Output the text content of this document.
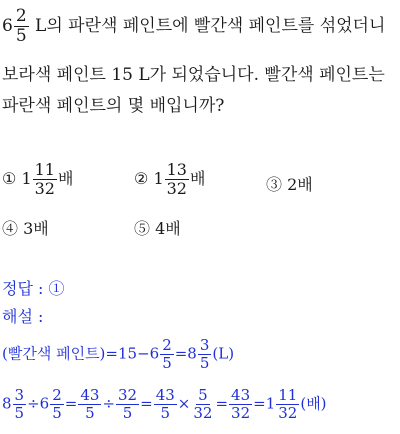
$6 \frac{2}{5}$ L의 파란색 페인트에 빨간색 페인트를 섞었더니
보라색 페인트 15 L가 되었습니다. 빨간색 페인트는
파란색 페인트의 몇 배입니까?
① $1 \frac{11}{32}$ 배	② $1 \frac{13}{32}$ 배	③ 2배
④ 3배	⑤ 4배
정답 : ①
해설 :
(빨간색 페인트)$=15-6 \frac{2}{5} =8 \frac{3}{5} (L)$
$8 \frac{3}{5} \div 6 \frac{2}{5} = \frac{43}{5} \div \frac{32}{5} = \frac{43}{5} \times \frac{5}{32} = \frac{43}{32} =1 \frac{11}{32}$ (배)
